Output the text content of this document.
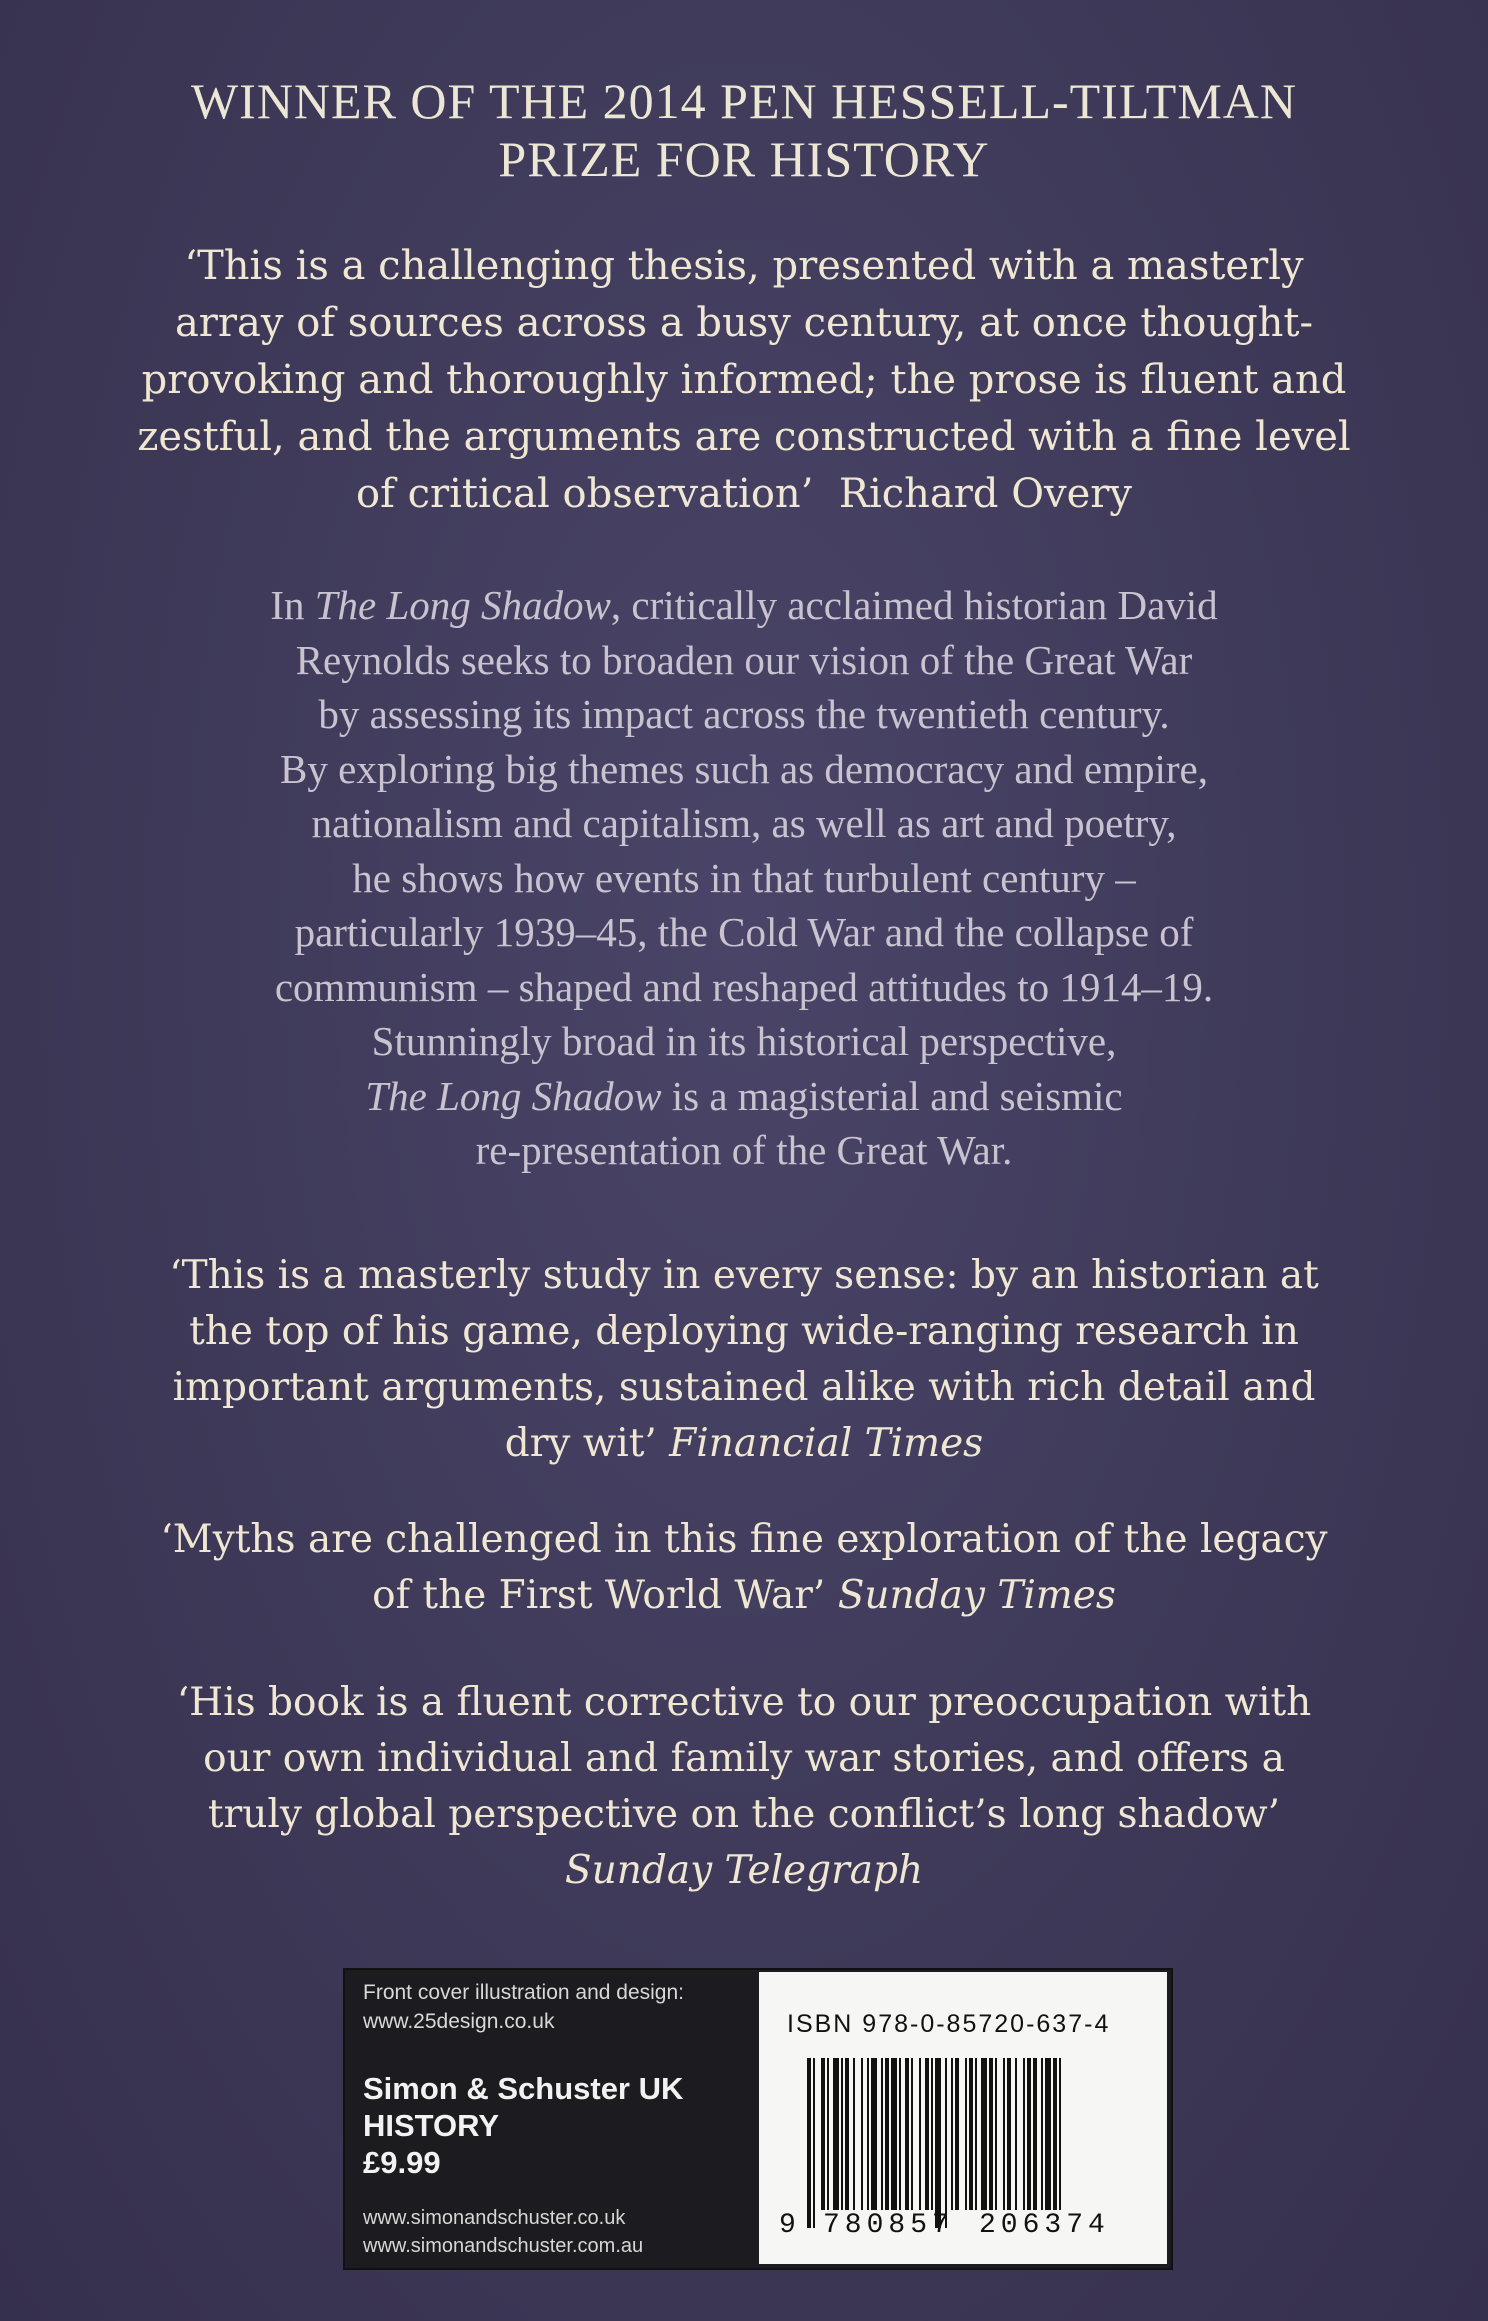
WINNER OF THE 2014 PEN HESSELL-TILTMAN
PRIZE FOR HISTORY
‘This is a challenging thesis, presented with a masterly
array of sources across a busy century, at once thought-
provoking and thoroughly informed; the prose is fluent and
zestful, and the arguments are constructed with a fine level
of critical observation’ Richard Overy
In The Long Shadow, critically acclaimed historian David
Reynolds seeks to broaden our vision of the Great War
by assessing its impact across the twentieth century.
By exploring big themes such as democracy and empire,
nationalism and capitalism, as well as art and poetry,
he shows how events in that turbulent century –
particularly 1939–45, the Cold War and the collapse of
communism – shaped and reshaped attitudes to 1914–19.
Stunningly broad in its historical perspective,
The Long Shadow is a magisterial and seismic
re-presentation of the Great War.
‘This is a masterly study in every sense: by an historian at
the top of his game, deploying wide-ranging research in
important arguments, sustained alike with rich detail and
dry wit’ Financial Times
‘Myths are challenged in this fine exploration of the legacy
of the First World War’ Sunday Times
‘His book is a fluent corrective to our preoccupation with
our own individual and family war stories, and offers a
truly global perspective on the conflict’s long shadow’
Sunday Telegraph
Front cover illustration and design:
www.25design.co.uk
Simon & Schuster UK
HISTORY
£9.99
www.simonandschuster.co.uk
www.simonandschuster.com.au
ISBN 978-0-85720-637-4
9 780857 206374
